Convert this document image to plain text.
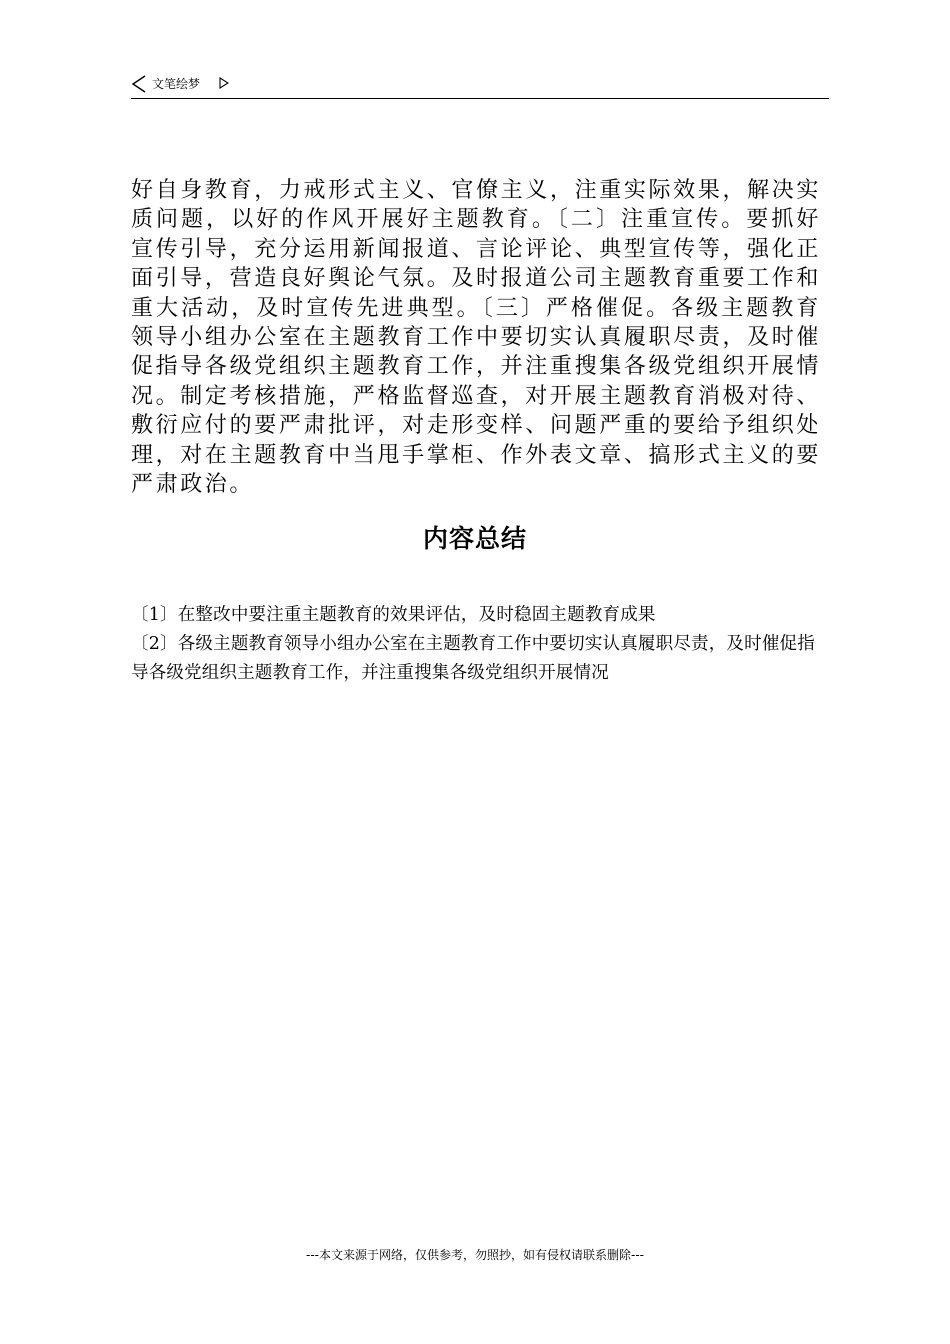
文笔绘梦

好自身教育，力戒形式主义、官僚主义，注重实际效果，解决实质问题，以好的作风开展好主题教育。〔二〕注重宣传。要抓好宣传引导，充分运用新闻报道、言论评论、典型宣传等，强化正面引导，营造良好舆论气氛。及时报道公司主题教育重要工作和重大活动，及时宣传先进典型。〔三〕严格催促。各级主题教育领导小组办公室在主题教育工作中要切实认真履职尽责，及时催促指导各级党组织主题教育工作，并注重搜集各级党组织开展情况。制定考核措施，严格监督巡查，对开展主题教育消极对待、敷衍应付的要严肃批评，对走形变样、问题严重的要给予组织处理，对在主题教育中当甩手掌柜、作外表文章、搞形式主义的要严肃政治。

内容总结
〔1〕在整改中要注重主题教育的效果评估，及时稳固主题教育成果
〔2〕各级主题教育领导小组办公室在主题教育工作中要切实认真履职尽责，及时催促指导各级党组织主题教育工作，并注重搜集各级党组织开展情况
---本文来源于网络，仅供参考，勿照抄，如有侵权请联系删除---
